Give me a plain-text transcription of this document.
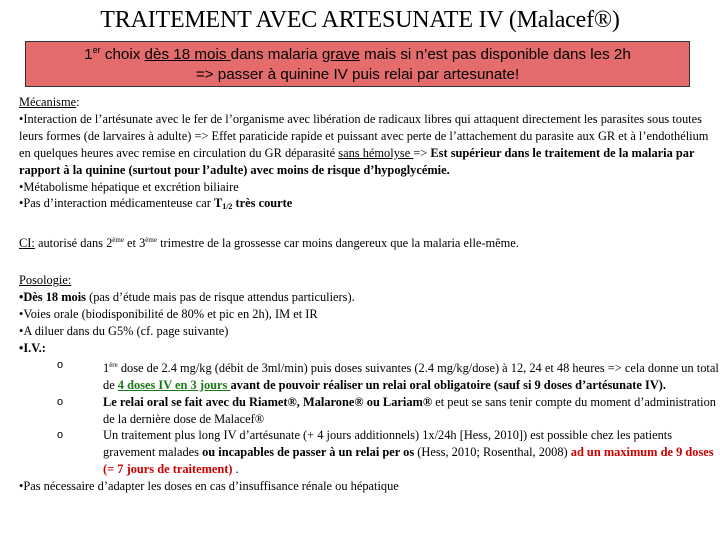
TRAITEMENT AVEC ARTESUNATE IV (Malacef®)
1er choix dès 18 mois dans malaria grave mais si n’est pas disponible dans les 2h
=> passer à quinine IV puis relai par artesunate!

Mécanisme:

•Interaction de l’artésunate avec le fer de l’organisme avec libération de radicaux libres qui attaquent directement les parasites sous toutes leurs formes (de larvaires à adulte) => Effet paraticide rapide et puissant avec perte de l’attachement du parasite aux GR et à l’endothélium en quelques heures avec remise en circulation du GR déparasité sans hémolyse => Est supérieur dans le traitement de la malaria par rapport à la quinine (surtout pour l’adulte) avec moins de risque d’hypoglycémie.

•Métabolisme hépatique et excrétion biliaire

•Pas d’interaction médicamenteuse car $T_{1/2}$ très courte

CI: autorisé dans 2ème et 3ème trimestre de la grossesse car moins dangereux que la malaria elle-même.

Posologie:

•Dès 18 mois (pas d’étude mais pas de risque attendus particuliers).

•Voies orale (biodisponibilité de 80% et pic en 2h), IM et IR

•A diluer dans du G5% (cf. page suivante)

•I.V.:

o	1ère dose de 2.4 mg/kg (débit de 3ml/min) puis doses suivantes (2.4 mg/kg/dose) à 12, 24 et 48 heures => cela donne un total de 4 doses IV en 3 jours avant de pouvoir réaliser un relai oral obligatoire (sauf si 9 doses d’artésunate IV).

o	Le relai oral se fait avec du Riamet®, Malarone® ou Lariam® et peut se sans tenir compte du moment d’administration de la dernière dose de Malacef®

o	Un traitement plus long IV d’artésunate (+ 4 jours additionnels) 1x/24h [Hess, 2010]) est possible chez les patients gravement malades ou incapables de passer à un relai per os (Hess, 2010; Rosenthal, 2008) ad un maximum de 9 doses (= 7 jours de traitement) .

•Pas nécessaire d’adapter les doses en cas d’insuffisance rénale ou hépatique
